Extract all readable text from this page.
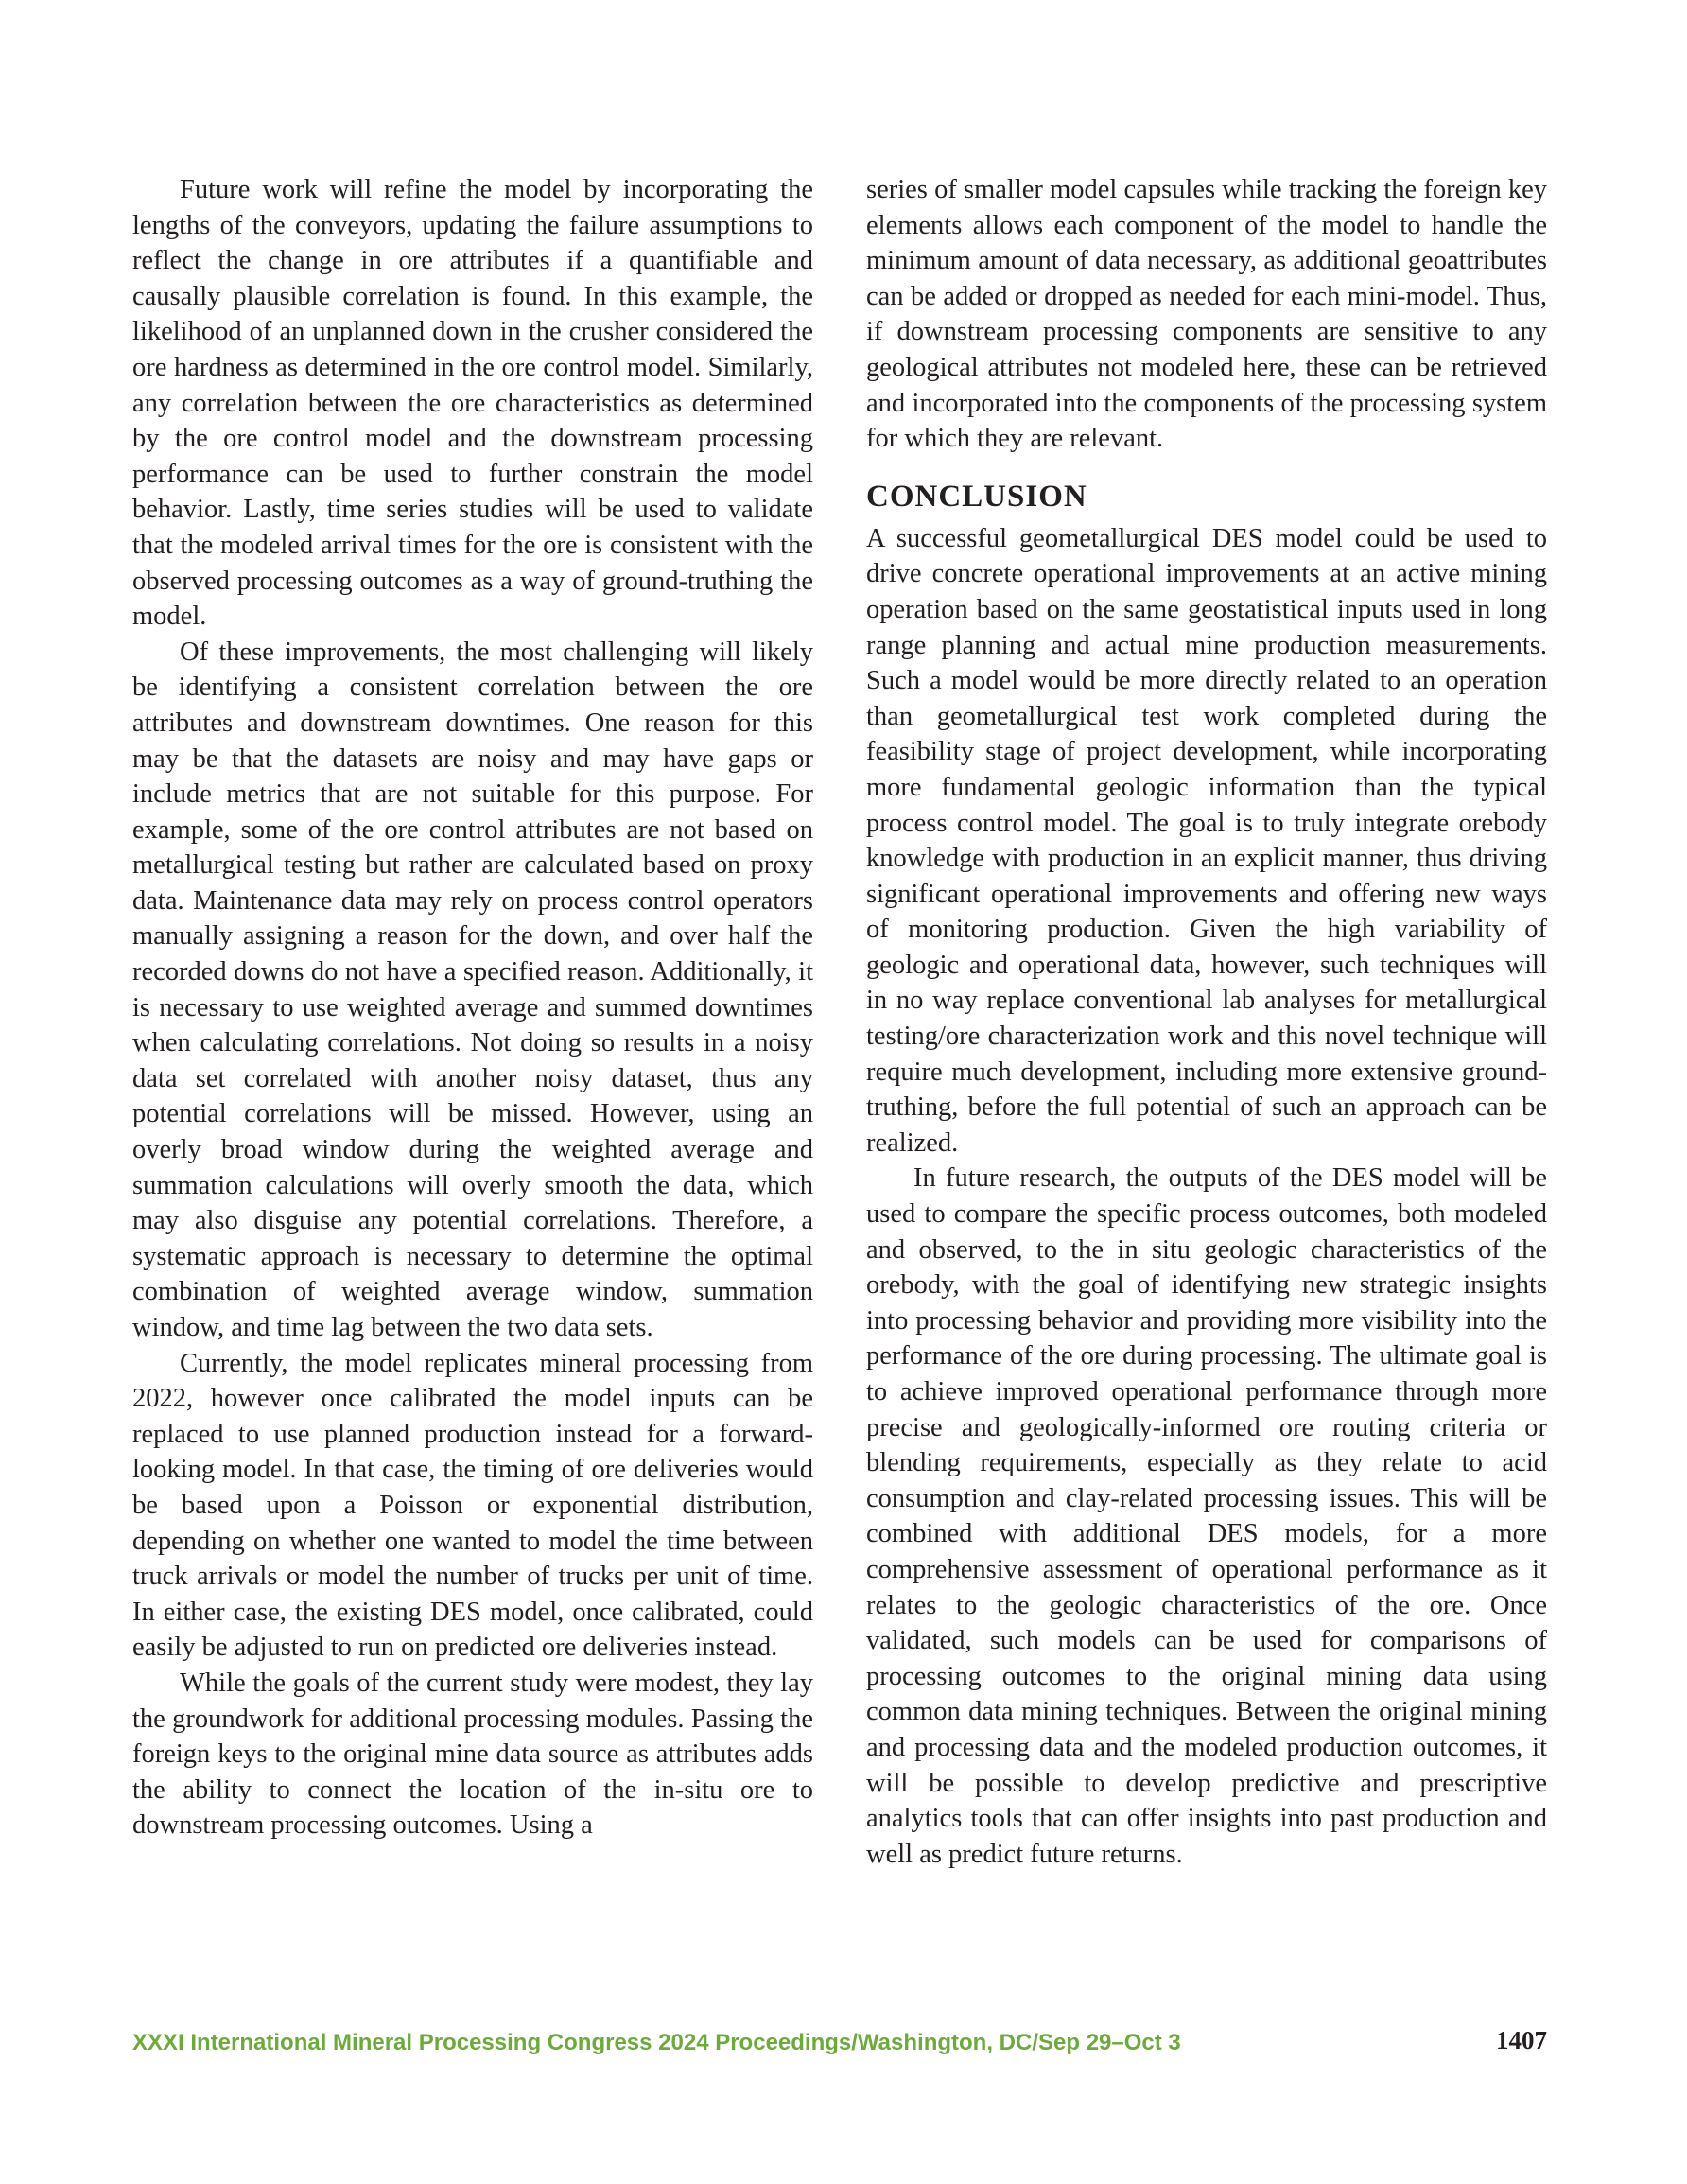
Future work will refine the model by incorporating the lengths of the conveyors, updating the failure assumptions to reflect the change in ore attributes if a quantifiable and causally plausible correlation is found. In this example, the likelihood of an unplanned down in the crusher considered the ore hardness as determined in the ore control model. Similarly, any correlation between the ore characteristics as determined by the ore control model and the downstream processing performance can be used to further constrain the model behavior. Lastly, time series studies will be used to validate that the modeled arrival times for the ore is consistent with the observed processing outcomes as a way of ground-truthing the model.

Of these improvements, the most challenging will likely be identifying a consistent correlation between the ore attributes and downstream downtimes. One reason for this may be that the datasets are noisy and may have gaps or include metrics that are not suitable for this purpose. For example, some of the ore control attributes are not based on metallurgical testing but rather are calculated based on proxy data. Maintenance data may rely on process control operators manually assigning a reason for the down, and over half the recorded downs do not have a specified reason. Additionally, it is necessary to use weighted average and summed downtimes when calculating correlations. Not doing so results in a noisy data set correlated with another noisy dataset, thus any potential correlations will be missed. However, using an overly broad window during the weighted average and summation calculations will overly smooth the data, which may also disguise any potential correlations. Therefore, a systematic approach is necessary to determine the optimal combination of weighted average window, summation window, and time lag between the two data sets.

Currently, the model replicates mineral processing from 2022, however once calibrated the model inputs can be replaced to use planned production instead for a forward-looking model. In that case, the timing of ore deliveries would be based upon a Poisson or exponential distribution, depending on whether one wanted to model the time between truck arrivals or model the number of trucks per unit of time. In either case, the existing DES model, once calibrated, could easily be adjusted to run on predicted ore deliveries instead.

While the goals of the current study were modest, they lay the groundwork for additional processing modules. Passing the foreign keys to the original mine data source as attributes adds the ability to connect the location of the in-situ ore to downstream processing outcomes. Using a

series of smaller model capsules while tracking the foreign key elements allows each component of the model to handle the minimum amount of data necessary, as additional geoattributes can be added or dropped as needed for each mini-model. Thus, if downstream processing components are sensitive to any geological attributes not modeled here, these can be retrieved and incorporated into the components of the processing system for which they are relevant.

CONCLUSION

A successful geometallurgical DES model could be used to drive concrete operational improvements at an active mining operation based on the same geostatistical inputs used in long range planning and actual mine production measurements. Such a model would be more directly related to an operation than geometallurgical test work completed during the feasibility stage of project development, while incorporating more fundamental geologic information than the typical process control model. The goal is to truly integrate orebody knowledge with production in an explicit manner, thus driving significant operational improvements and offering new ways of monitoring production. Given the high variability of geologic and operational data, however, such techniques will in no way replace conventional lab analyses for metallurgical testing/ore characterization work and this novel technique will require much development, including more extensive ground-truthing, before the full potential of such an approach can be realized.

In future research, the outputs of the DES model will be used to compare the specific process outcomes, both modeled and observed, to the in situ geologic characteristics of the orebody, with the goal of identifying new strategic insights into processing behavior and providing more visibility into the performance of the ore during processing. The ultimate goal is to achieve improved operational performance through more precise and geologically-informed ore routing criteria or blending requirements, especially as they relate to acid consumption and clay-related processing issues. This will be combined with additional DES models, for a more comprehensive assessment of operational performance as it relates to the geologic characteristics of the ore. Once validated, such models can be used for comparisons of processing outcomes to the original mining data using common data mining techniques. Between the original mining and processing data and the modeled production outcomes, it will be possible to develop predictive and prescriptive analytics tools that can offer insights into past production and well as predict future returns.

XXXI International Mineral Processing Congress 2024 Proceedings/Washington, DC/Sep 29–Oct 3	1407
